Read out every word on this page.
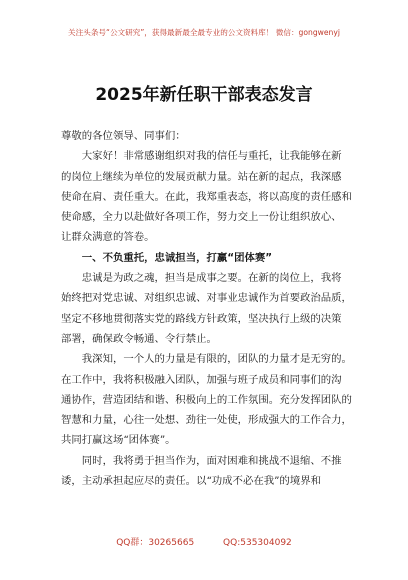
关注头条号“公文研究”，获得最新最全最专业的公文资料库！ 微信：gongwenyj
2025年新任职干部表态发言

尊敬的各位领导、同事们：

大家好！非常感谢组织对我的信任与重托，让我能够在新
的岗位上继续为单位的发展贡献力量。站在新的起点，我深感
使命在肩、责任重大。在此，我郑重表态，将以高度的责任感和
使命感，全力以赴做好各项工作，努力交上一份让组织放心、
让群众满意的答卷。

一、不负重托，忠诚担当，打赢“团体赛”

忠诚是为政之魂，担当是成事之要。在新的岗位上，我将
始终把对党忠诚、对组织忠诚、对事业忠诚作为首要政治品质，
坚定不移地贯彻落实党的路线方针政策，坚决执行上级的决策
部署，确保政令畅通、令行禁止。

我深知，一个人的力量是有限的，团队的力量才是无穷的。
在工作中，我将积极融入团队，加强与班子成员和同事们的沟
通协作，营造团结和谐、积极向上的工作氛围。充分发挥团队的
智慧和力量，心往一处想、劲往一处使，形成强大的工作合力，
共同打赢这场“团体赛”。

同时，我将勇于担当作为，面对困难和挑战不退缩、不推
诿，主动承担起应尽的责任。以“功成不必在我”的境界和

QQ群：30265665	QQ:535304092
